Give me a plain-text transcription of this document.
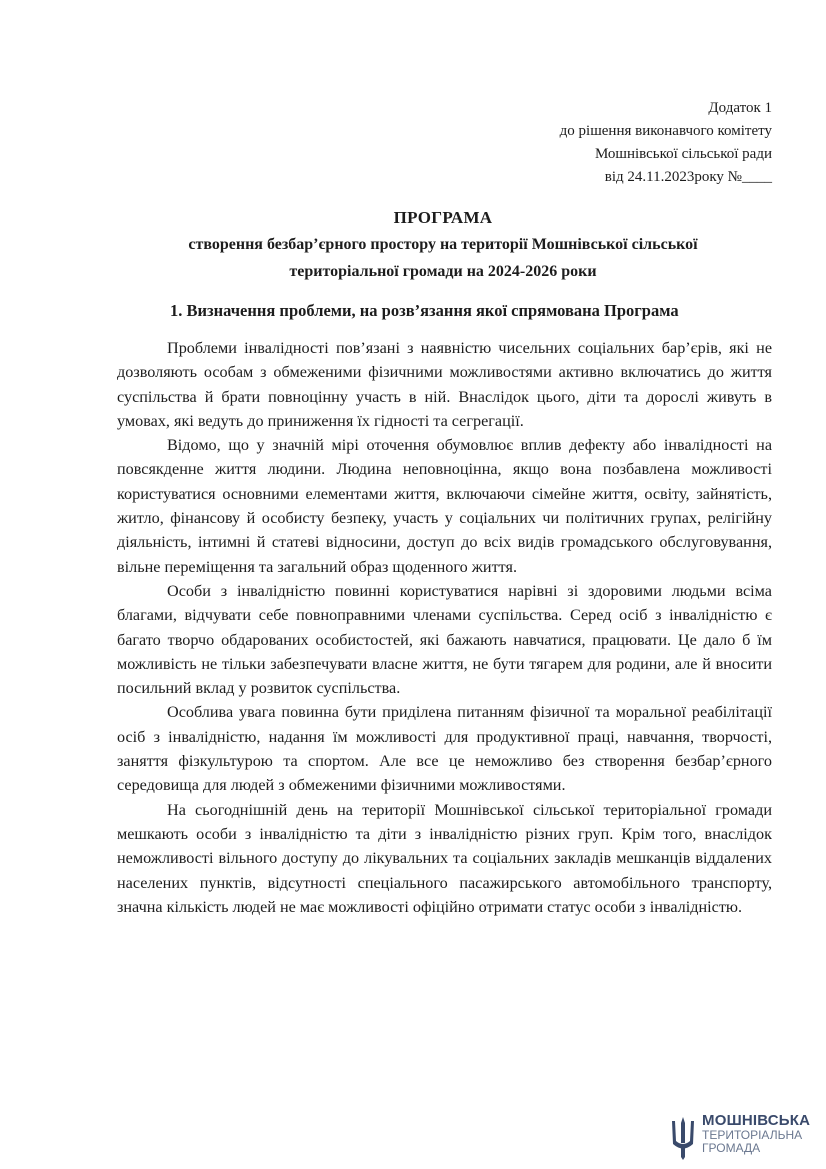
Додаток 1
до рішення виконавчого комітету
Мошнівської сільської ради
від 24.11.2023року №____
ПРОГРАМА
створення безбар’єрного простору на території Мошнівської сільської
територіальної громади на 2024-2026 роки
1. Визначення проблеми, на розв’язання якої спрямована Програма

Проблеми інвалідності пов’язані з наявністю чисельних соціальних бар’єрів, які не дозволяють особам з обмеженими фізичними можливостями активно включатись до життя суспільства й брати повноцінну участь в ній. Внаслідок цього, діти та дорослі живуть в умовах, які ведуть до приниження їх гідності та сегрегації.

Відомо, що у значній мірі оточення обумовлює вплив дефекту або інвалідності на повсякденне життя людини. Людина неповноцінна, якщо вона позбавлена можливості користуватися основними елементами життя, включаючи сімейне життя, освіту, зайнятість, житло, фінансову й особисту безпеку, участь у соціальних чи політичних групах, релігійну діяльність, інтимні й статеві відносини, доступ до всіх видів громадського обслуговування, вільне переміщення та загальний образ щоденного життя.

Особи з інвалідністю повинні користуватися нарівні зі здоровими людьми всіма благами, відчувати себе повноправними членами суспільства. Серед осіб з інвалідністю є багато творчо обдарованих особистостей, які бажають навчатися, працювати. Це дало б їм можливість не тільки забезпечувати власне життя, не бути тягарем для родини, але й вносити посильний вклад у розвиток суспільства.

Особлива увага повинна бути приділена питанням фізичної та моральної реабілітації осіб з інвалідністю, надання їм можливості для продуктивної праці, навчання, творчості, заняття фізкультурою та спортом. Але все це неможливо без створення безбар’єрного середовища для людей з обмеженими фізичними можливостями.

На сьогоднішній день на території Мошнівської сільської територіальної громади мешкають особи з інвалідністю та діти з інвалідністю різних груп. Крім того, внаслідок неможливості вільного доступу до лікувальних та соціальних закладів мешканців віддалених населених пунктів, відсутності спеціального пасажирського автомобільного транспорту, значна кількість людей не має можливості офіційно отримати статус особи з інвалідністю.

МОШНІВСЬКА
ТЕРИТОРІАЛЬНА
ГРОМАДА
